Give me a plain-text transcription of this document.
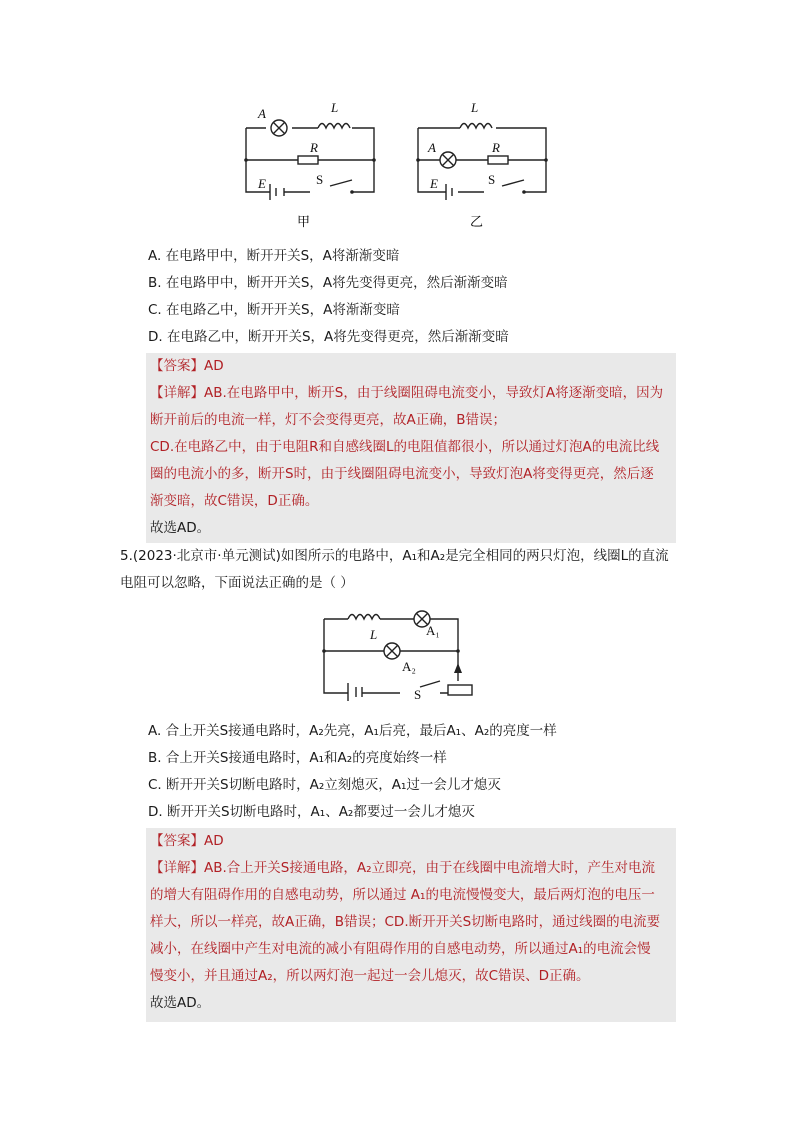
A	L
R
E	S
L
A	R
E	S
甲	乙
A. 在电路甲中，断开开关S，A将渐渐变暗
B. 在电路甲中，断开开关S，A将先变得更亮，然后渐渐变暗
C. 在电路乙中，断开开关S，A将渐渐变暗
D. 在电路乙中，断开开关S，A将先变得更亮，然后渐渐变暗
【答案】AD
【详解】AB.在电路甲中，断开S，由于线圈阻碍电流变小，导致灯A将逐渐变暗，因为
断开前后的电流一样，灯不会变得更亮，故A正确，B错误；
CD.在电路乙中，由于电阻R和自感线圈L的电阻值都很小，所以通过灯泡A的电流比线
圈的电流小的多，断开S时，由于线圈阻碍电流变小，导致灯泡A将变得更亮，然后逐
渐变暗，故C错误，D正确。
故选AD。
5.(2023·北京市·单元测试)如图所示的电路中，A₁和A₂是完全相同的两只灯泡，线圈L的直流
电阻可以忽略，下面说法正确的是（ ）
L	A₁
A₂
S
A. 合上开关S接通电路时，A₂先亮，A₁后亮，最后A₁、A₂的亮度一样
B. 合上开关S接通电路时，A₁和A₂的亮度始终一样
C. 断开开关S切断电路时，A₂立刻熄灭，A₁过一会儿才熄灭
D. 断开开关S切断电路时，A₁、A₂都要过一会儿才熄灭
【答案】AD
【详解】AB.合上开关S接通电路，A₂立即亮，由于在线圈中电流增大时，产生对电流
的增大有阻碍作用的自感电动势，所以通过 A₁的电流慢慢变大，最后两灯泡的电压一
样大，所以一样亮，故A正确，B错误；CD.断开开关S切断电路时，通过线圈的电流要
减小，在线圈中产生对电流的减小有阻碍作用的自感电动势，所以通过A₁的电流会慢
慢变小，并且通过A₂，所以两灯泡一起过一会儿熄灭，故C错误、D正确。
故选AD。
